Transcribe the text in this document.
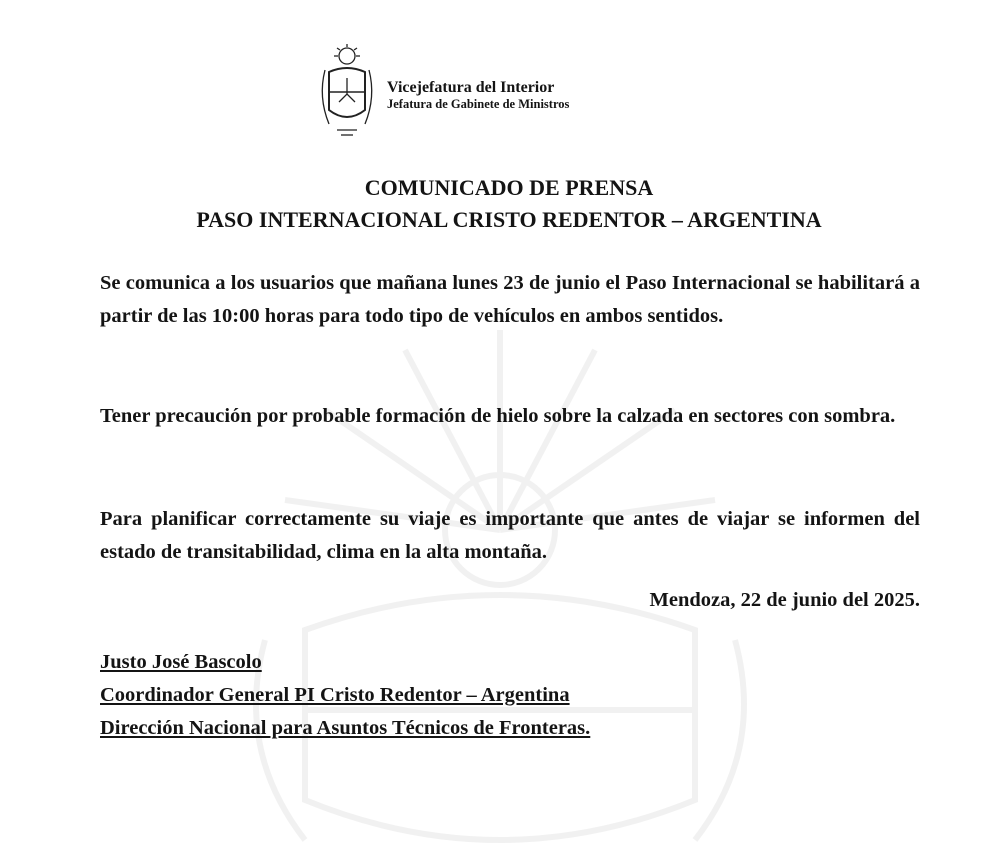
Vicejefatura del Interior
Jefatura de Gabinete de Ministros
COMUNICADO DE PRENSA
PASO INTERNACIONAL CRISTO REDENTOR – ARGENTINA

Se comunica a los usuarios que mañana lunes 23 de junio el Paso Internacional se habilitará a partir de las 10:00 horas para todo tipo de vehículos en ambos sentidos.

Tener precaución por probable formación de hielo sobre la calzada en sectores con sombra.

Para planificar correctamente su viaje es importante que antes de viajar se informen del estado de transitabilidad, clima en la alta montaña.

Mendoza, 22 de junio del 2025.
Justo José Bascolo
Coordinador General PI Cristo Redentor – Argentina
Dirección Nacional para Asuntos Técnicos de Fronteras.
